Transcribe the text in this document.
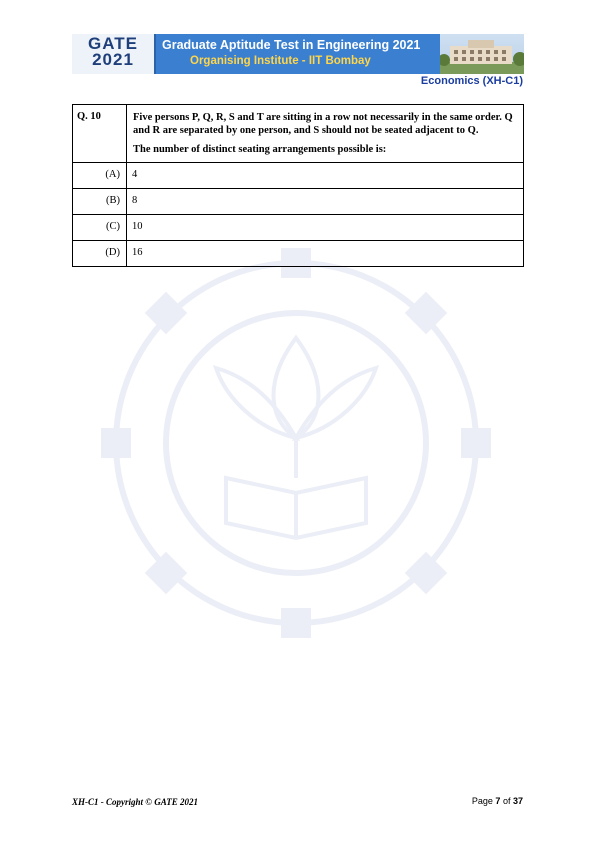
GATE
2021
Graduate Aptitude Test in Engineering 2021
Organising Institute - IIT Bombay
Economics (XH-C1)
Q. 10	Five persons P, Q, R, S and T are sitting in a row not necessarily in the same order. Q and R are separated by one person, and S should not be seated adjacent to Q.

The number of distinct seating arrangements possible is:

(A)	4
(B)	8
(C)	10
(D)	16
XH-C1 - Copyright © GATE 2021	Page 7 of 37
